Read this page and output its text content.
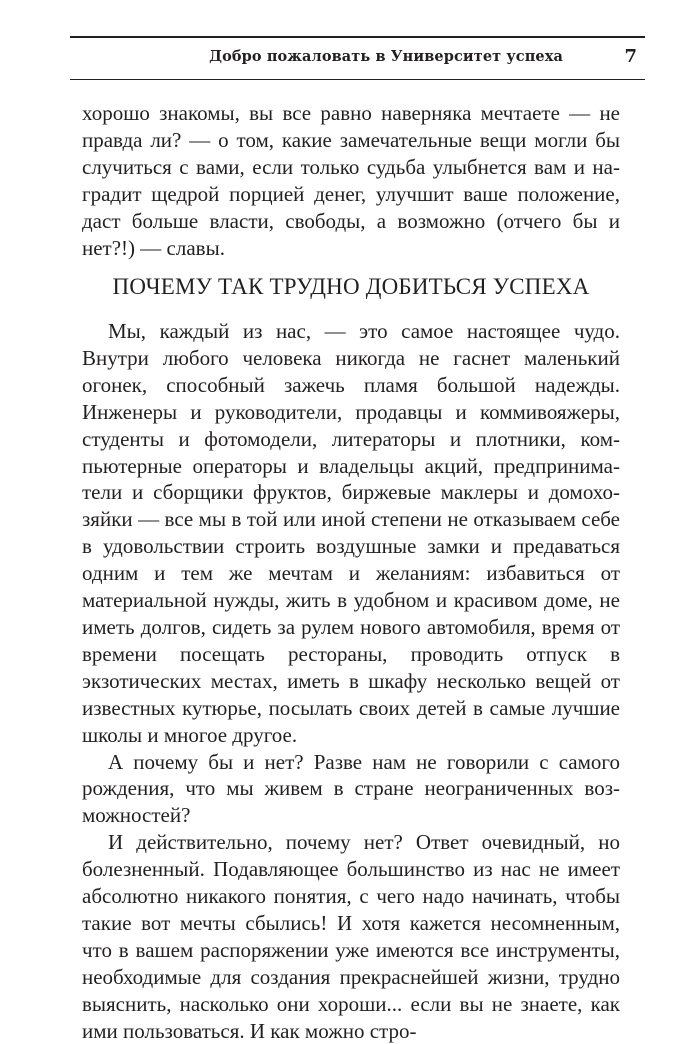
Добро пожаловать в Университет успеха	7

хорошо знакомы, вы все равно наверняка мечтаете — не правда ли? — о том, какие замечательные вещи могли бы случиться с вами, если только судьба улыбнется вам и наградит щедрой порцией денег, улучшит ваше положение, даст больше власти, свободы, а возможно (отчего бы и нет?!) — славы.

ПОЧЕМУ ТАК ТРУДНО ДОБИТЬСЯ УСПЕХА

Мы, каждый из нас, — это самое настоящее чудо. Внутри любого человека никогда не гаснет маленький огонек, способный зажечь пламя большой надежды. Инженеры и руководители, продавцы и коммивояжеры, студенты и фотомодели, литераторы и плотники, компьютерные операторы и владельцы акций, предприниматели и сборщики фруктов, биржевые маклеры и домохозяйки — все мы в той или иной степени не отказываем себе в удовольствии строить воздушные замки и предаваться одним и тем же мечтам и желаниям: избавиться от материальной нужды, жить в удобном и красивом доме, не иметь долгов, сидеть за рулем нового автомобиля, время от времени посещать рестораны, проводить отпуск в экзотических местах, иметь в шкафу несколько вещей от известных кутюрье, посылать своих детей в самые лучшие школы и многое другое.

А почему бы и нет? Разве нам не говорили с самого рождения, что мы живем в стране неограниченных возможностей?

И действительно, почему нет? Ответ очевидный, но болезненный. Подавляющее большинство из нас не имеет абсолютно никакого понятия, с чего надо начинать, чтобы такие вот мечты сбылись! И хотя кажется несомненным, что в вашем распоряжении уже имеются все инструменты, необходимые для создания прекраснейшей жизни, трудно выяснить, насколько они хороши... если вы не знаете, как ими пользоваться. И как можно стро-
